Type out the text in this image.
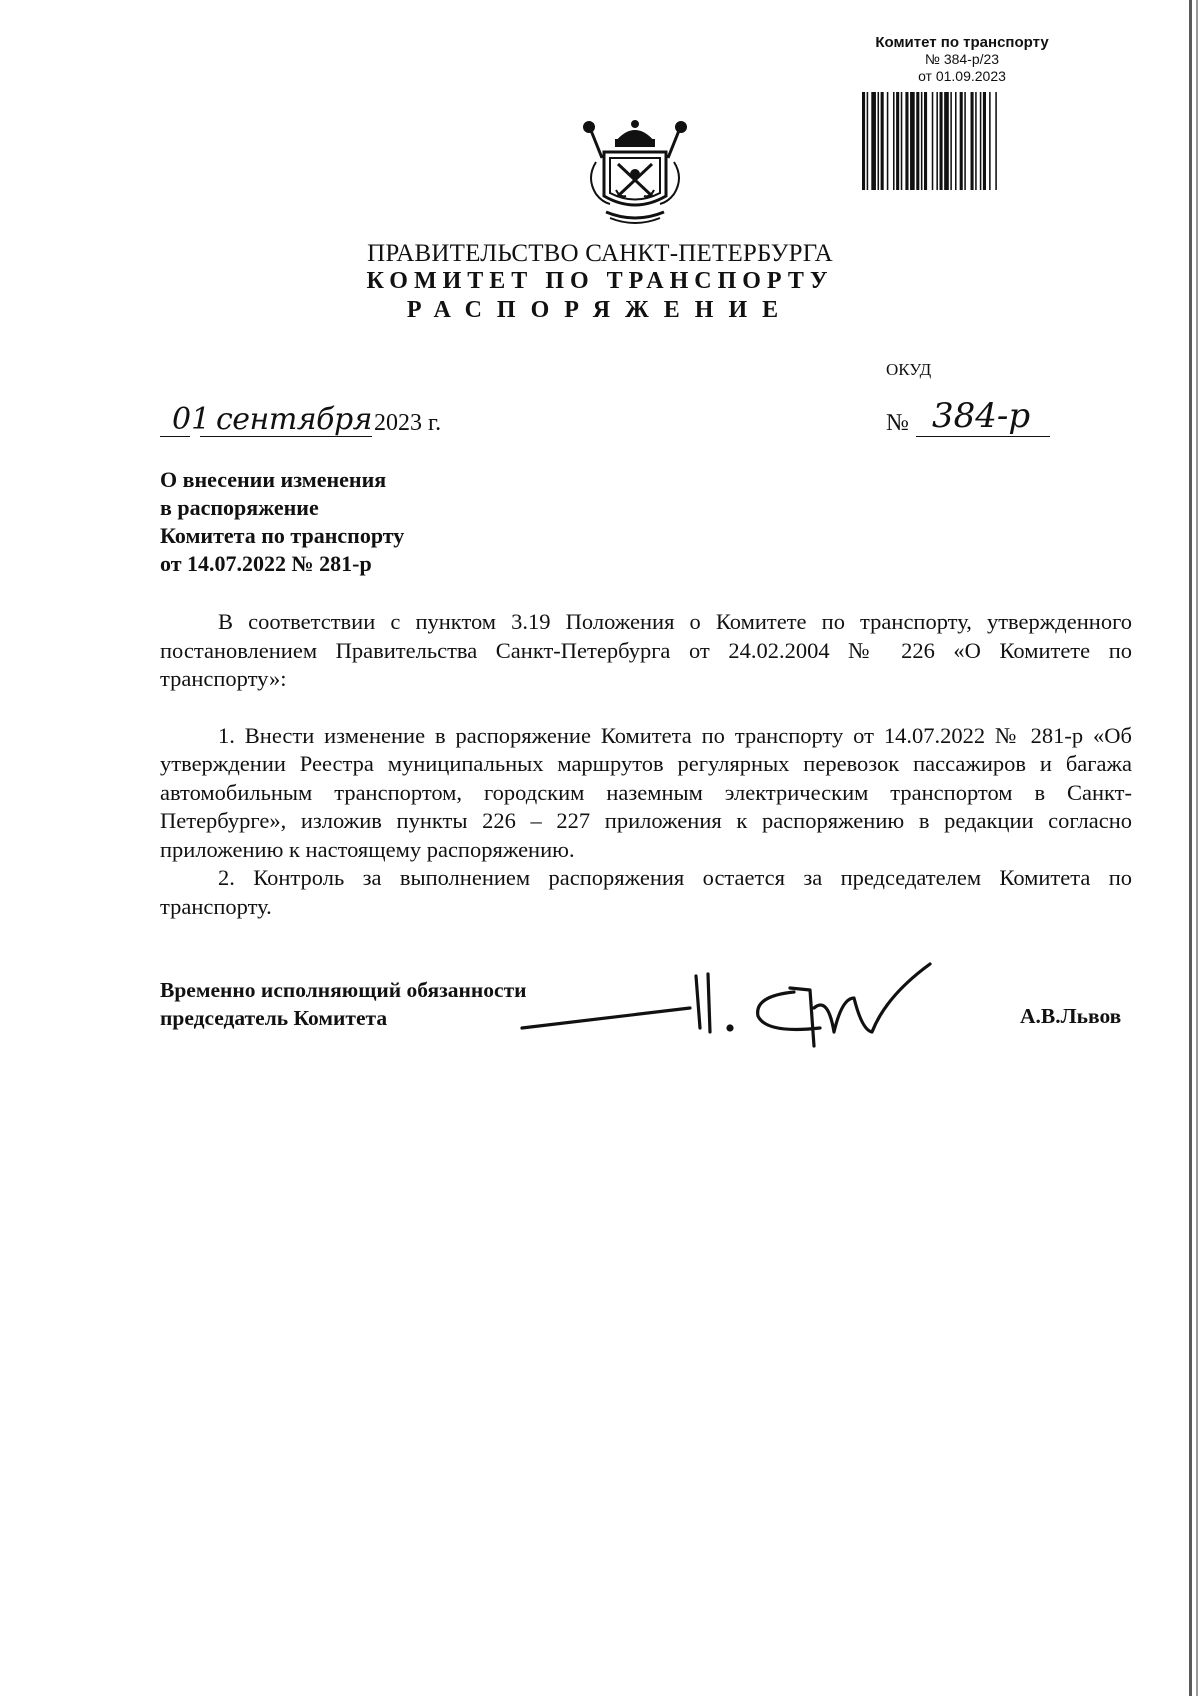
Комитет по транспорту
№ 384-р/23
от 01.09.2023
ПРАВИТЕЛЬСТВО САНКТ-ПЕТЕРБУРГА
КОМИТЕТ ПО ТРАНСПОРТУ
РАСПОРЯЖЕНИЕ
ОКУД
01 сентября 2023 г.	№ 384-р
О внесении изменения
в распоряжение
Комитета по транспорту
от 14.07.2022 № 281-р

В соответствии с пунктом 3.19 Положения о Комитете по транспорту, утвержденного постановлением Правительства Санкт-Петербурга от 24.02.2004 № 226 «О Комитете по транспорту»:

1. Внести изменение в распоряжение Комитета по транспорту от 14.07.2022 № 281-р «Об утверждении Реестра муниципальных маршрутов регулярных перевозок пассажиров и багажа автомобильным транспортом, городским наземным электрическим транспортом в Санкт-Петербурге», изложив пункты 226 – 227 приложения к распоряжению в редакции согласно приложению к настоящему распоряжению.

2. Контроль за выполнением распоряжения остается за председателем Комитета по транспорту.

Временно исполняющий обязанности
председатель Комитета	А.В.Львов
